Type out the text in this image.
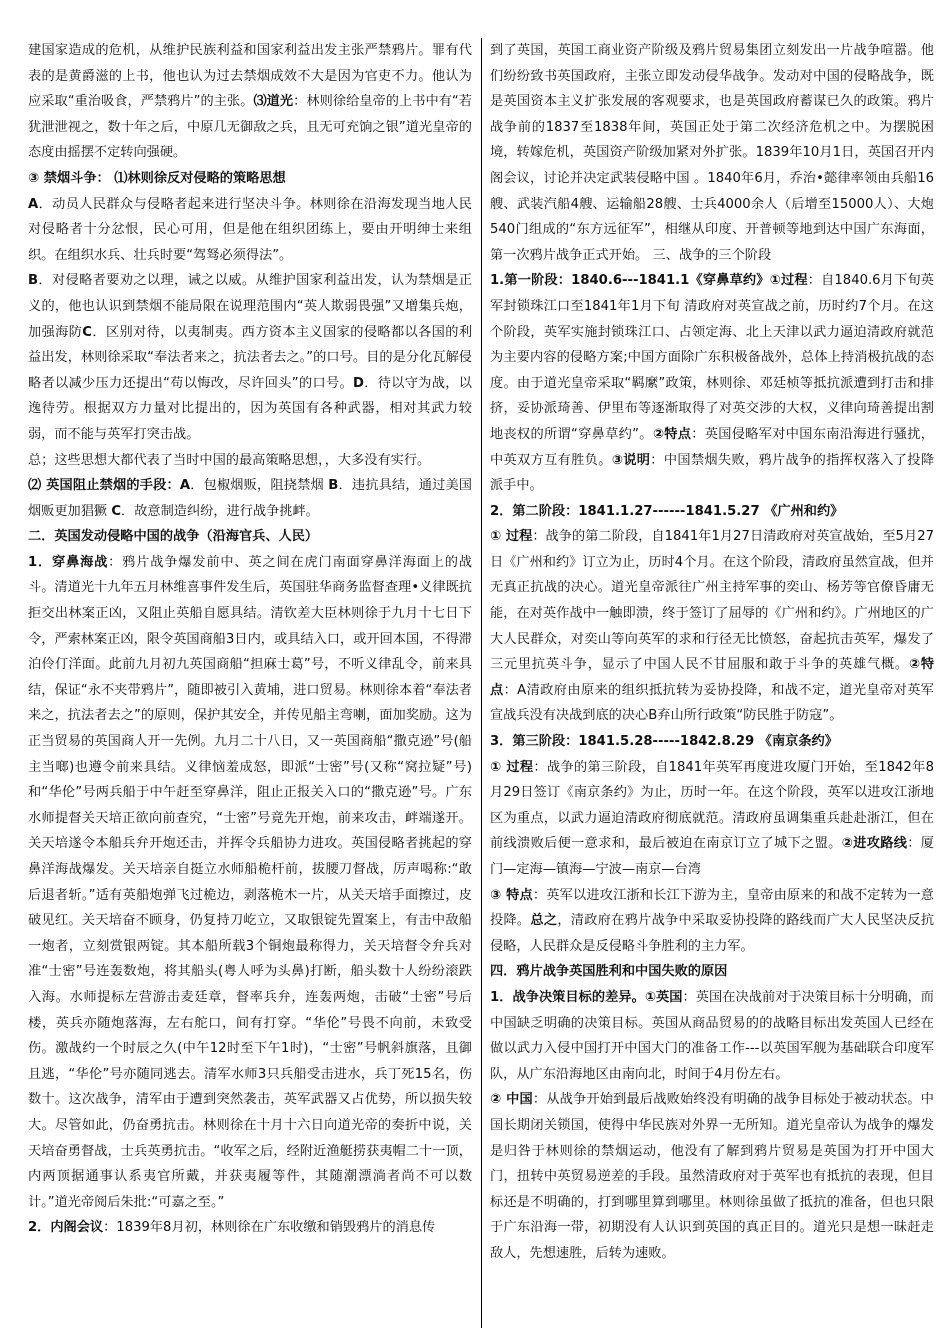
建国家造成的危机，从维护民族利益和国家利益出发主张严禁鸦片。罪有代表的是黄爵滋的上书，他也认为过去禁烟成效不大是因为官吏不力。他认为应采取“重治吸食，严禁鸦片”的主张。⑶道光：林则徐给皇帝的上书中有“若犹泄泄视之，数十年之后，中原几无御敌之兵，且无可充饷之银”道光皇帝的态度由摇摆不定转向强硬。

③ 禁烟斗争： ⑴林则徐反对侵略的策略思想

A．动员人民群众与侵略者起来进行坚决斗争。林则徐在沿海发现当地人民对侵略者十分忿恨，民心可用，但是他在组织团练上，要由开明绅士来组织。在组织水兵、壮兵时要“驾驽必须得法”。

B．对侵略者要劝之以理，诫之以威。从维护国家利益出发，认为禁烟是正义的，他也认识到禁烟不能局限在说理范围内“英人欺弱畏强”又增集兵炮，加强海防C．区别对待，以夷制夷。西方资本主义国家的侵略都以各国的利益出发，林则徐采取“奉法者来之，抗法者去之。”的口号。目的是分化瓦解侵略者以减少压力还提出“苟以悔改，尽许回头”的口号。D．待以守为战，以逸待劳。根据双方力量对比提出的，因为英国有各种武器，相对其武力较弱，而不能与英军打突击战。

总；这些思想大都代表了当时中国的最高策略思想，，大多没有实行。

⑵ 英国阻止禁烟的手段：A．包椒烟贩，阻挠禁烟 B．违抗具结，通过美国烟贩更加猖獗 C．故意制造纠纷，进行战争挑衅。

二．英国发动侵略中国的战争（沿海官兵、人民）

1．穿鼻海战：鸦片战争爆发前中、英之间在虎门南面穿鼻洋海面上的战斗。清道光十九年五月林维喜事件发生后，英国驻华商务监督查理•义律既抗拒交出林案正凶，又阻止英船自愿具结。清钦差大臣林则徐于九月十七日下令，严索林案正凶，限令英国商船3日内，或具结入口，或开回本国，不得滞泊伶仃洋面。此前九月初九英国商船“担麻士葛”号，不听义律乱令，前来具结，保证“永不夹带鸦片”，随即被引入黄埔，进口贸易。林则徐本着“奉法者来之，抗法者去之”的原则，保护其安全，并传见船主弯喇，面加奖励。这为正当贸易的英国商人开一先例。九月二十八日，又一英国商船“撒克逊”号(船主当啷)也遵令前来具结。义律恼羞成怒，即派“士密”号(又称“窝拉疑”号)和“华伦”号两兵船于中午赶至穿鼻洋，阻止正报关入口的“撒克逊”号。广东水师提督关天培正欲向前查究，“士密”号竟先开炮，前来攻击，衅端遂开。关天培遂令本船兵弁开炮还击，并挥令兵船协力进攻。英国侵略者挑起的穿鼻洋海战爆发。关天培亲自挺立水师船桅杆前，拔腰刀督战，厉声喝称:“敢后退者斩。”适有英船炮弹飞过桅边，剥落桅木一片，从关天培手面擦过，皮破见红。关天培奋不顾身，仍复持刀屹立，又取银锭先置案上，有击中敌船一炮者，立刻赏银两锭。其本船所载3个铜炮最称得力，关天培督令弁兵对准“士密”号连轰数炮，将其船头(粤人呼为头鼻)打断，船头数十人纷纷滚跌入海。水师提标左营游击麦廷章，督率兵弁，连轰两炮，击破“士密”号后楼，英兵亦随炮落海，左右舵口，间有打穿。“华伦”号畏不向前，未致受伤。激战约一个时辰之久(中午12时至下午1时)，“士密”号帆斜旗落，且御且逃，“华伦”号亦随同逃去。清军水师3只兵船受击进水，兵丁死15名，伤数十。这次战争，清军由于遭到突然袭击，英军武器又占优势，所以损失较大。尽管如此，仍奋勇抗击。林则徐在十月十六日向道光帝的奏折中说，关天培奋勇督战，士兵英勇抗击。“收军之后，经附近渔艇捞获夷帽二十一顶，内两顶据通事认系夷官所戴，并获夷履等件，其随潮漂淌者尚不可以数计。”道光帝阅后朱批:“可嘉之至。”

2．内阁会议：1839年8月初，林则徐在广东收缴和销毁鸦片的消息传

到了英国，英国工商业资产阶级及鸦片贸易集团立刻发出一片战争喧嚣。他们纷纷致书英国政府，主张立即发动侵华战争。发动对中国的侵略战争，既是英国资本主义扩张发展的客观要求，也是英国政府蓄谋已久的政策。鸦片战争前的1837至1838年间，英国正处于第二次经济危机之中。为摆脱困境，转嫁危机，英国资产阶级加紧对外扩张。1839年10月1日，英国召开内阁会议，讨论并决定武装侵略中国 。1840年6月，乔治•懿律率领由兵船16艘、武装汽船4艘、运输船28艘、士兵4000余人（后增至15000人）、大炮540门组成的“东方远征军”，相继从印度、开普顿等地到达中国广东海面，第一次鸦片战争正式开始。 三、战争的三个阶段

1.第一阶段：1840.6---1841.1《穿鼻草约》①过程：自1840.6月下旬英军封锁珠江口至1841年1月下旬 清政府对英宣战之前，历时约7个月。在这个阶段，英军实施封锁珠江口、占领定海、北上天津以武力逼迫清政府就范为主要内容的侵略方案;中国方面除广东积极备战外，总体上持消极抗战的态度。由于道光皇帝采取“羁縻”政策，林则徐、邓廷桢等抵抗派遭到打击和排挤，妥协派琦善、伊里布等逐渐取得了对英交涉的大权，义律向琦善提出割地丧权的所谓“穿鼻草约”。②特点：英国侵略军对中国东南沿海进行骚扰，中英双方互有胜负。③说明：中国禁烟失败，鸦片战争的指挥权落入了投降派手中。

2．第二阶段：1841.1.27------1841.5.27 《广州和约》

① 过程：战争的第二阶段，自1841年1月27日清政府对英宣战始，至5月27日《广州和约》订立为止，历时4个月。在这个阶段，清政府虽然宣战，但并无真正抗战的决心。道光皇帝派往广州主持军事的奕山、杨芳等官僚昏庸无能，在对英作战中一触即溃，终于签订了屈辱的《广州和约》。广州地区的广大人民群众，对奕山等向英军的求和行径无比愤怒，奋起抗击英军，爆发了三元里抗英斗争，显示了中国人民不甘屈服和敢于斗争的英雄气概。②特点：A清政府由原来的组织抵抗转为妥协投降，和战不定，道光皇帝对英军宣战兵没有决战到底的决心B弃山所行政策“防民胜于防寇”。

3．第三阶段：1841.5.28-----1842.8.29 《南京条约》

① 过程：战争的第三阶段，自1841年英军再度进攻厦门开始，至1842年8月29日签订《南京条约》为止，历时一年。在这个阶段，英军以进攻江浙地区为重点，以武力逼迫清政府彻底就范。清政府虽调集重兵赴赴浙江，但在前线溃败后便一意求和，最后被迫在南京订立了城下之盟。②进攻路线：厦门—定海—镇海—宁波—南京—台湾

③ 特点：英军以进攻江浙和长江下游为主，皇帝由原来的和战不定转为一意投降。总之，清政府在鸦片战争中采取妥协投降的路线而广大人民坚决反抗侵略，人民群众是反侵略斗争胜利的主力军。

四．鸦片战争英国胜利和中国失败的原因

1．战争决策目标的差异。①英国：英国在决战前对于决策目标十分明确，而中国缺乏明确的决策目标。英国从商品贸易的的战略目标出发英国人已经在做以武力入侵中国打开中国大门的准备工作---以英国军舰为基础联合印度军队，从广东沿海地区由南向北，时间于4月份左右。

② 中国：从战争开始到最后战败始终没有明确的战争目标处于被动状态。中国长期闭关锁国，使得中华民族对外界一无所知。道光皇帝认为战争的爆发是归咎于林则徐的禁烟运动，他没有了解到鸦片贸易是英国为打开中国大门，扭转中英贸易逆差的手段。虽然清政府对于英军也有抵抗的表现，但目标还是不明确的，打到哪里算到哪里。林则徐虽做了抵抗的准备，但也只限于广东沿海一带，初期没有人认识到英国的真正目的。道光只是想一昧赶走敌人，先想速胜，后转为速败。
